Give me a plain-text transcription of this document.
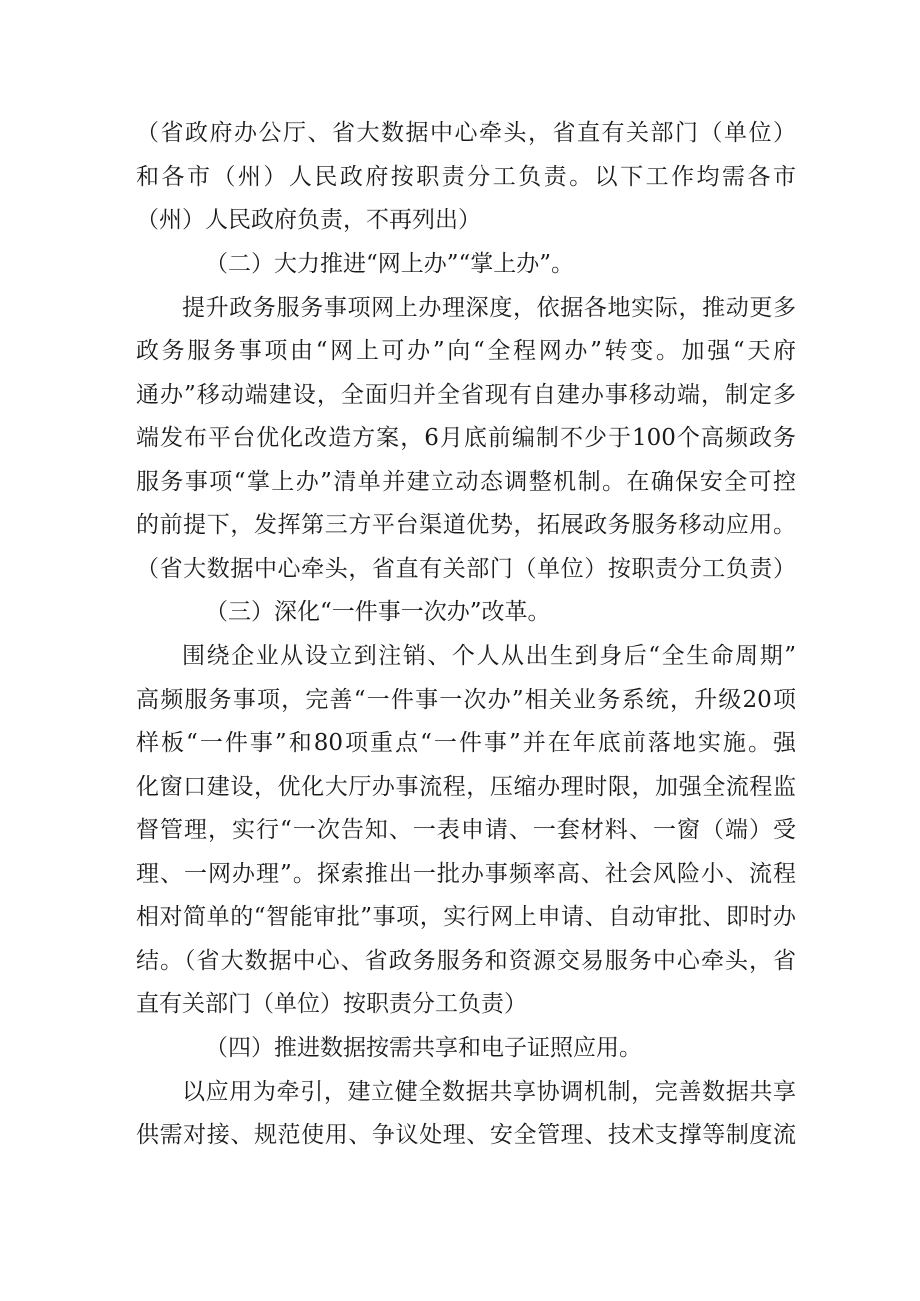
（省政府办公厅、省大数据中心牵头，省直有关部门（单位）
和各市（州）人民政府按职责分工负责。以下工作均需各市
（州）人民政府负责，不再列出）
（二）大力推进“网上办”“掌上办”。
提升政务服务事项网上办理深度，依据各地实际，推动更多
政务服务事项由“网上可办”向“全程网办”转变。加强“天府
通办”移动端建设，全面归并全省现有自建办事移动端，制定多
端发布平台优化改造方案，6月底前编制不少于100个高频政务
服务事项“掌上办”清单并建立动态调整机制。在确保安全可控
的前提下，发挥第三方平台渠道优势，拓展政务服务移动应用。
（省大数据中心牵头，省直有关部门（单位）按职责分工负责）
（三）深化“一件事一次办”改革。
围绕企业从设立到注销、个人从出生到身后“全生命周期”
高频服务事项，完善“一件事一次办”相关业务系统，升级20项
样板“一件事”和80项重点“一件事”并在年底前落地实施。强
化窗口建设，优化大厅办事流程，压缩办理时限，加强全流程监
督管理，实行“一次告知、一表申请、一套材料、一窗（端）受
理、一网办理”。探索推出一批办事频率高、社会风险小、流程
相对简单的“智能审批”事项，实行网上申请、自动审批、即时办
结。（省大数据中心、省政务服务和资源交易服务中心牵头，省
直有关部门（单位）按职责分工负责）
（四）推进数据按需共享和电子证照应用。
以应用为牵引，建立健全数据共享协调机制，完善数据共享
供需对接、规范使用、争议处理、安全管理、技术支撑等制度流
